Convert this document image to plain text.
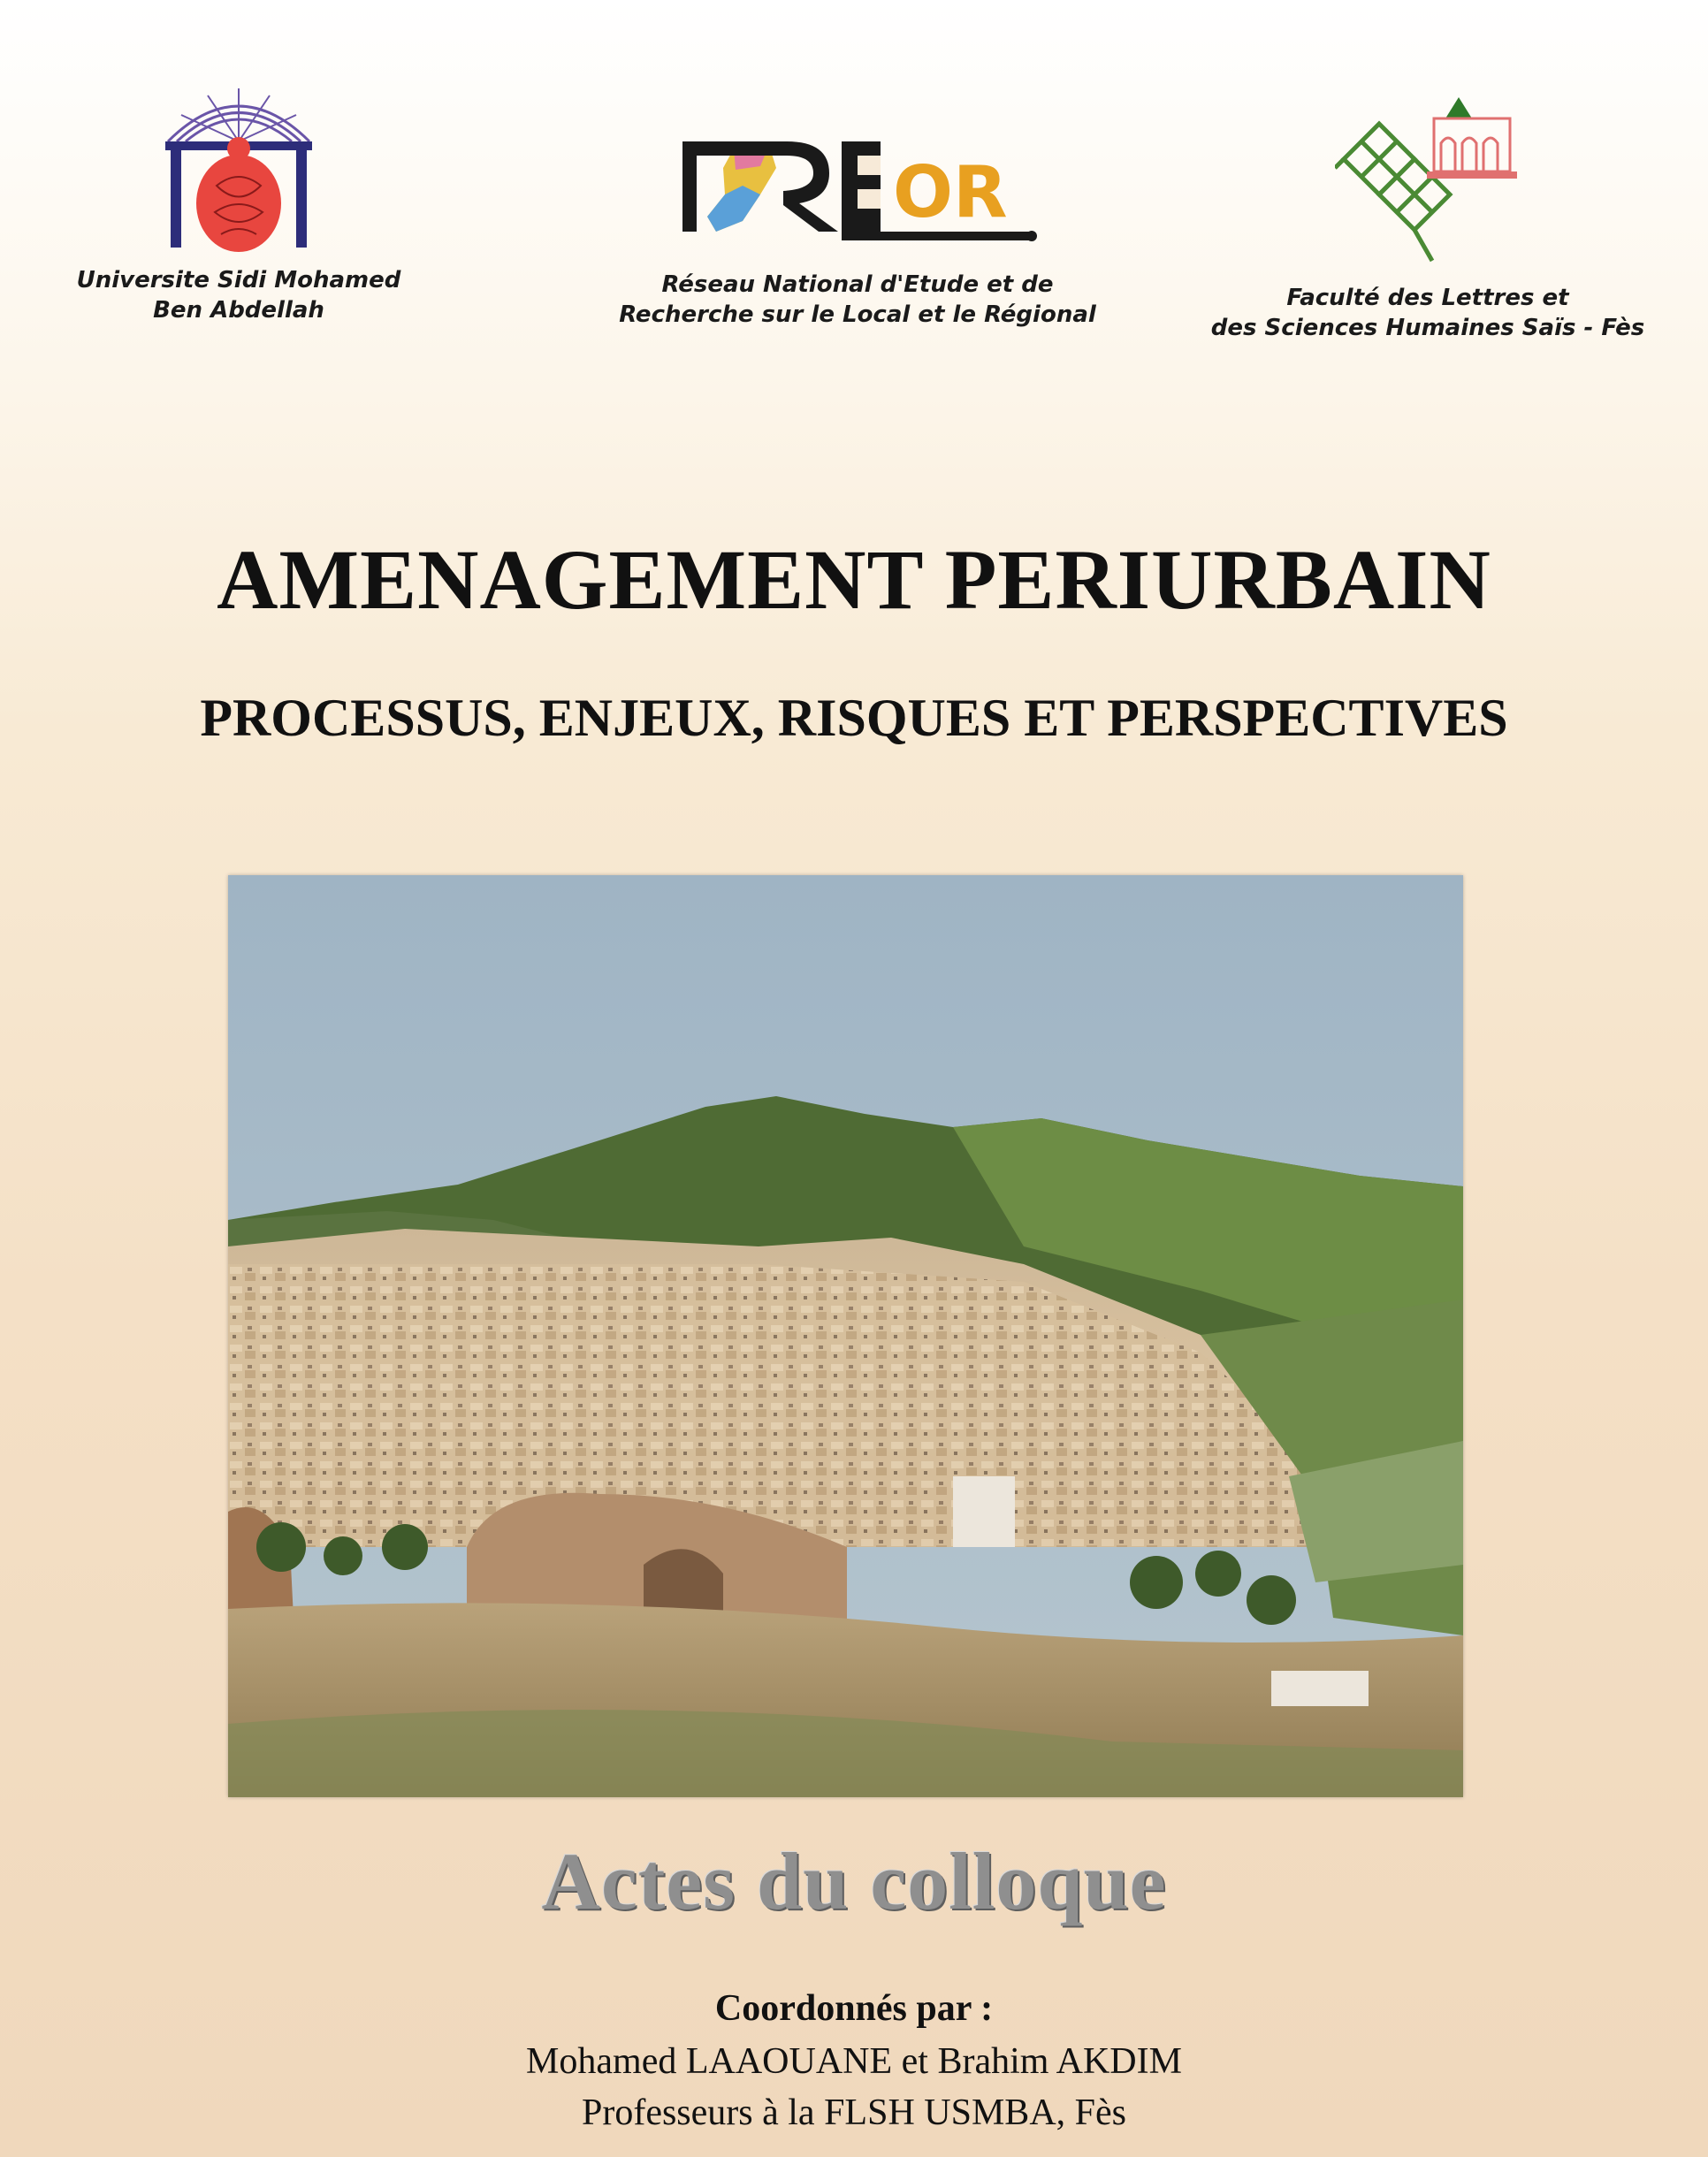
Universite Sidi Mohamed
Ben Abdellah
OR
Réseau National d'Etude et de
Recherche sur le Local et le Régional
Faculté des Lettres et
des Sciences Humaines Saïs - Fès
AMENAGEMENT PERIURBAIN
PROCESSUS, ENJEUX, RISQUES ET PERSPECTIVES
Actes du colloque
Coordonnés par :
Mohamed LAAOUANE et Brahim AKDIM
Professeurs à la FLSH USMBA, Fès
